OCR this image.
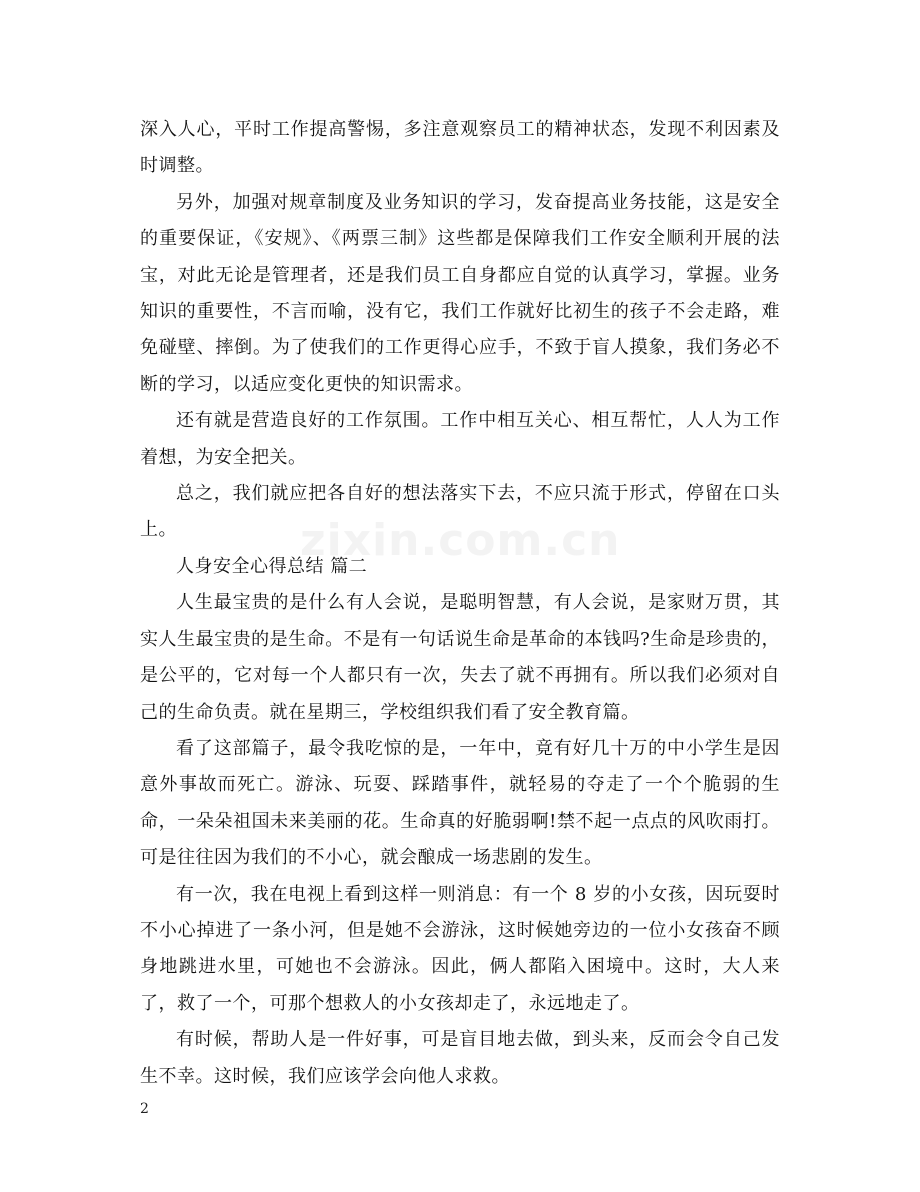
zixin.com.cn

深入人心，平时工作提高警惕，多注意观察员工的精神状态，发现不利因素及时调整。

另外，加强对规章制度及业务知识的学习，发奋提高业务技能，这是安全的重要保证，《安规》、《两票三制》这些都是保障我们工作安全顺利开展的法宝，对此无论是管理者，还是我们员工自身都应自觉的认真学习，掌握。业务知识的重要性，不言而喻，没有它，我们工作就好比初生的孩子不会走路，难免碰壁、摔倒。为了使我们的工作更得心应手，不致于盲人摸象，我们务必不断的学习，以适应变化更快的知识需求。

还有就是营造良好的工作氛围。工作中相互关心、相互帮忙，人人为工作着想，为安全把关。

总之，我们就应把各自好的想法落实下去，不应只流于形式，停留在口头上。

人身安全心得总结 篇二

人生最宝贵的是什么有人会说，是聪明智慧，有人会说，是家财万贯，其实人生最宝贵的是生命。不是有一句话说生命是革命的本钱吗?生命是珍贵的，是公平的，它对每一个人都只有一次，失去了就不再拥有。所以我们必须对自己的生命负责。就在星期三，学校组织我们看了安全教育篇。

看了这部篇子，最令我吃惊的是，一年中，竟有好几十万的中小学生是因意外事故而死亡。游泳、玩耍、踩踏事件，就轻易的夺走了一个个脆弱的生命，一朵朵祖国未来美丽的花。生命真的好脆弱啊!禁不起一点点的风吹雨打。可是往往因为我们的不小心，就会酿成一场悲剧的发生。

有一次，我在电视上看到这样一则消息：有一个 8 岁的小女孩，因玩耍时不小心掉进了一条小河，但是她不会游泳，这时候她旁边的一位小女孩奋不顾身地跳进水里，可她也不会游泳。因此，俩人都陷入困境中。这时，大人来了，救了一个，可那个想救人的小女孩却走了，永远地走了。

有时候，帮助人是一件好事，可是盲目地去做，到头来，反而会令自己发生不幸。这时候，我们应该学会向他人求救。

2
